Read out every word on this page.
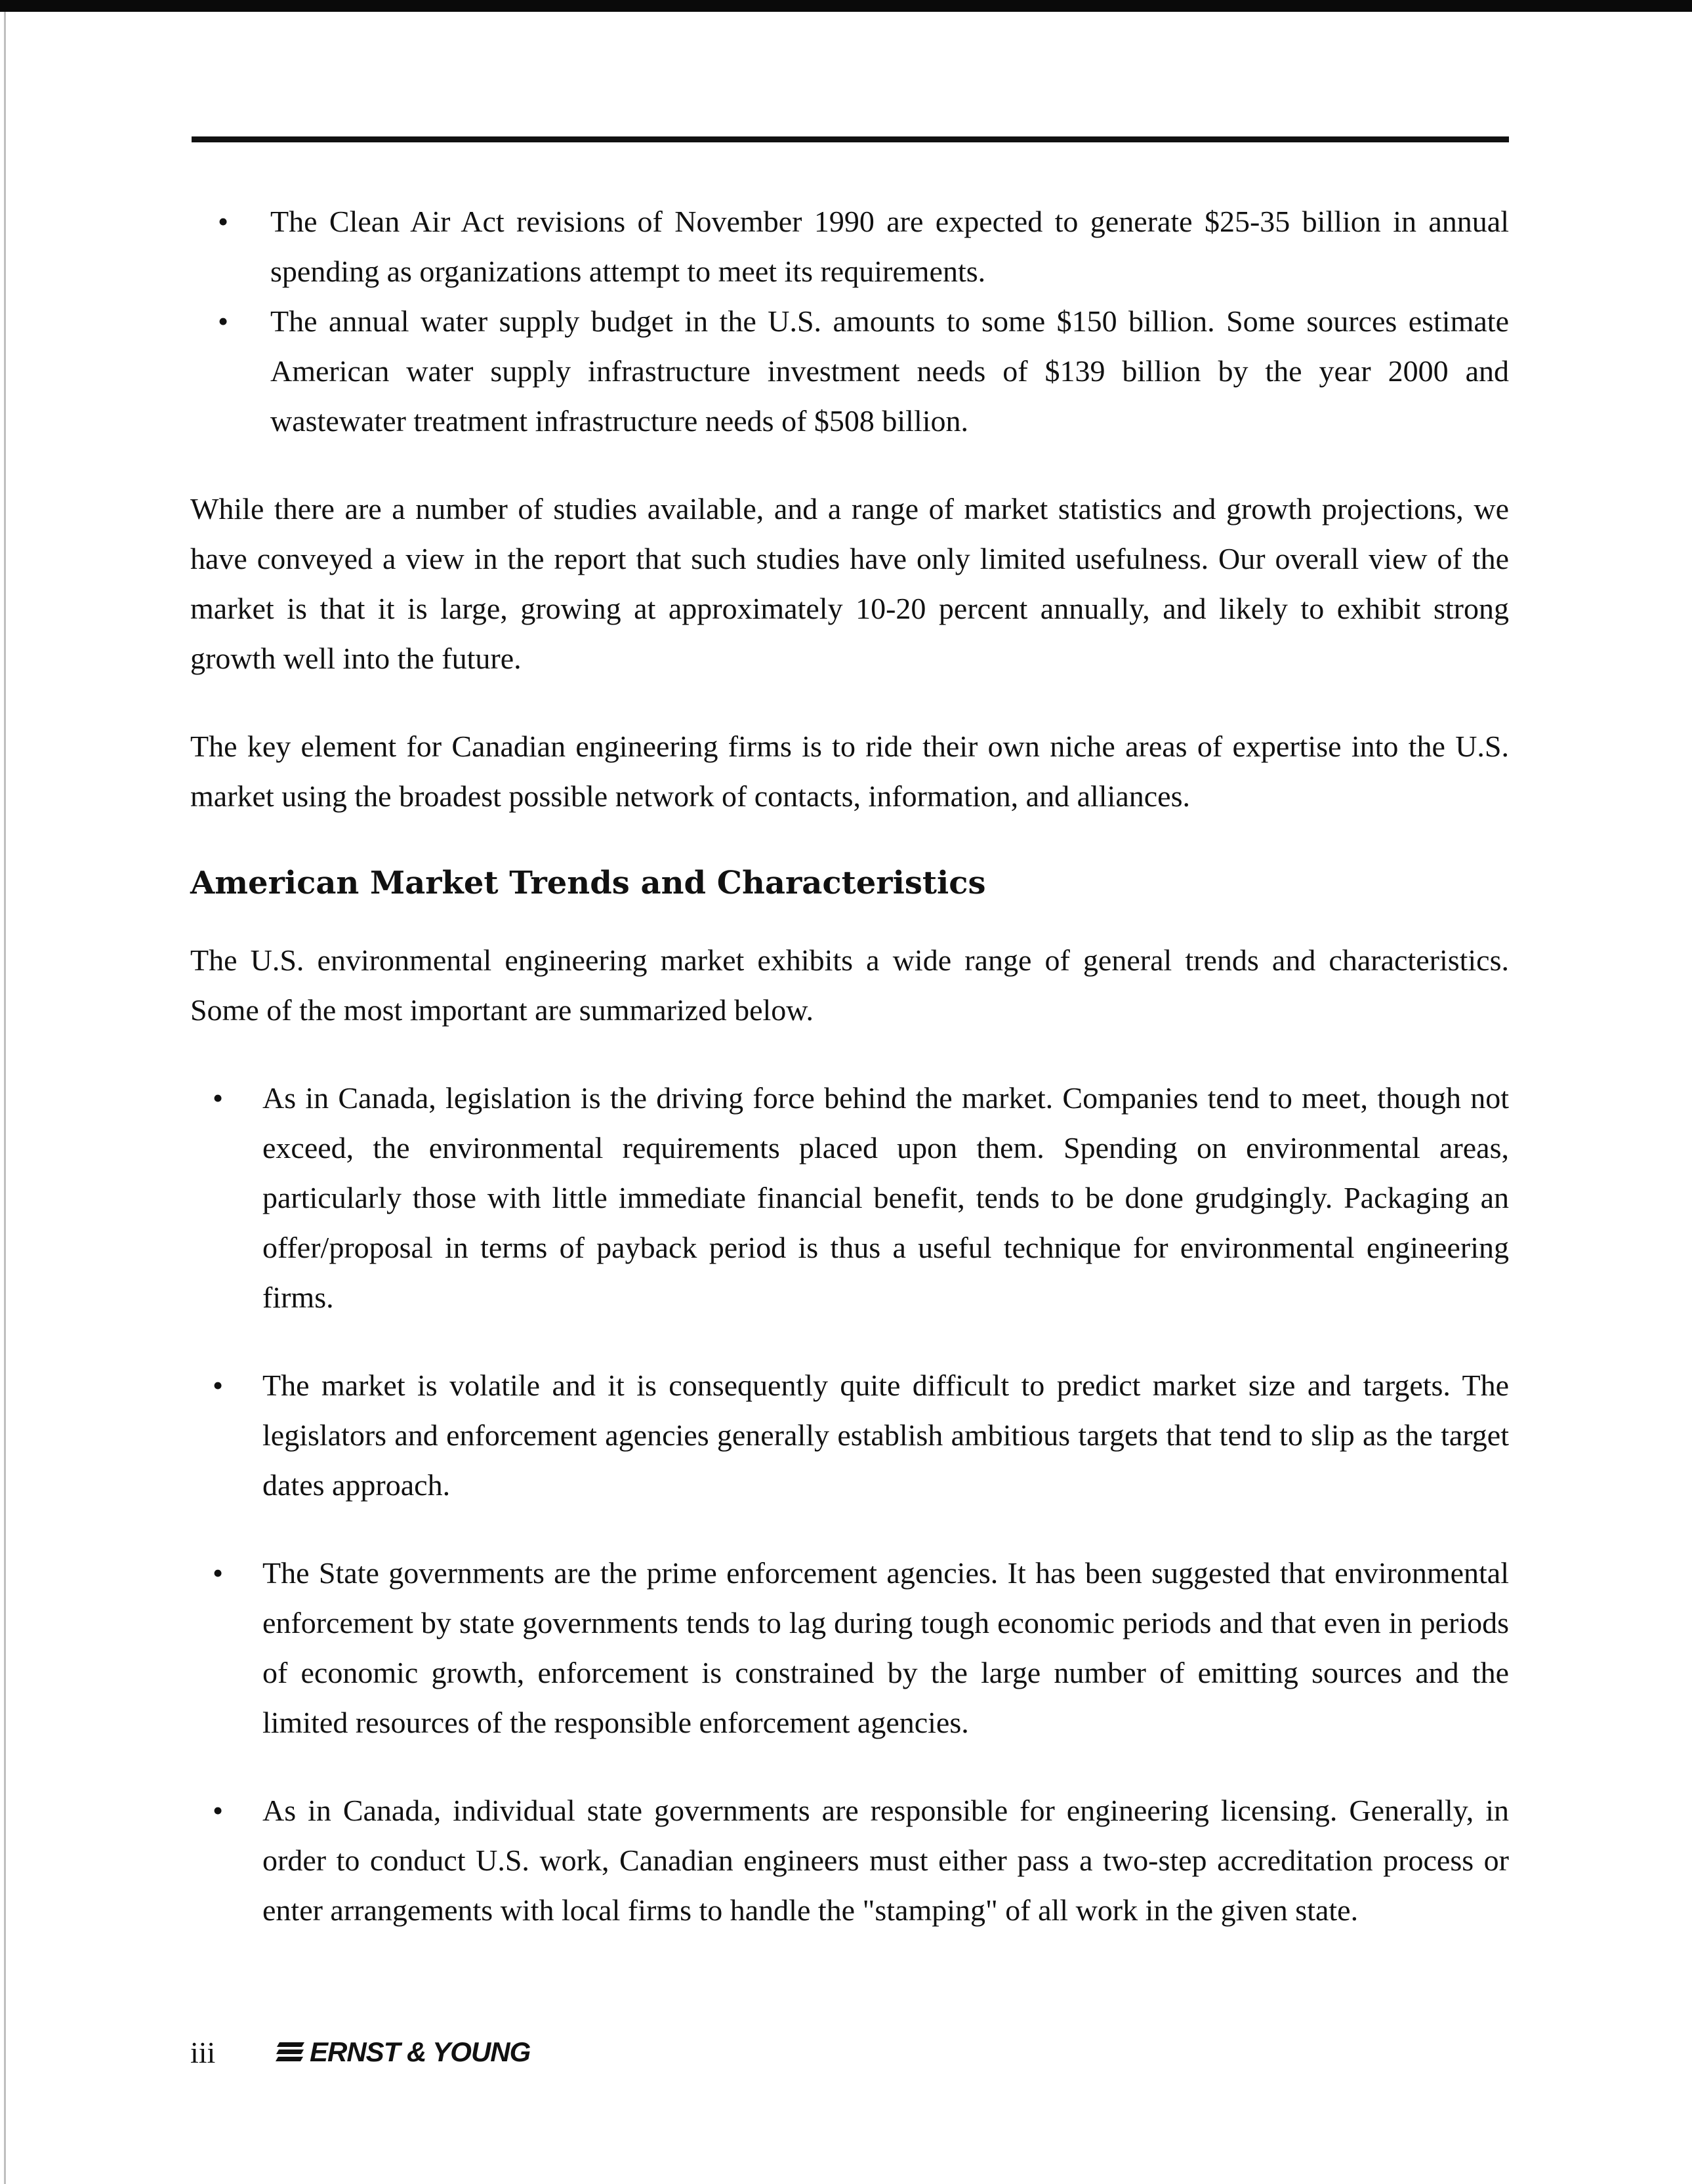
• The Clean Air Act revisions of November 1990 are expected to generate $25-35 billion in annual spending as organizations attempt to meet its requirements.
• The annual water supply budget in the U.S. amounts to some $150 billion. Some sources estimate American water supply infrastructure investment needs of $139 billion by the year 2000 and wastewater treatment infrastructure needs of $508 billion.

While there are a number of studies available, and a range of market statistics and growth projections, we have conveyed a view in the report that such studies have only limited usefulness. Our overall view of the market is that it is large, growing at approximately 10-20 percent annually, and likely to exhibit strong growth well into the future.

The key element for Canadian engineering firms is to ride their own niche areas of expertise into the U.S. market using the broadest possible network of contacts, information, and alliances.

American Market Trends and Characteristics

The U.S. environmental engineering market exhibits a wide range of general trends and characteristics. Some of the most important are summarized below.

• As in Canada, legislation is the driving force behind the market. Companies tend to meet, though not exceed, the environmental requirements placed upon them. Spending on environmental areas, particularly those with little immediate financial benefit, tends to be done grudgingly. Packaging an offer/proposal in terms of payback period is thus a useful technique for environmental engineering firms.
• The market is volatile and it is consequently quite difficult to predict market size and targets. The legislators and enforcement agencies generally establish ambitious targets that tend to slip as the target dates approach.
• The State governments are the prime enforcement agencies. It has been suggested that environmental enforcement by state governments tends to lag during tough economic periods and that even in periods of economic growth, enforcement is constrained by the large number of emitting sources and the limited resources of the responsible enforcement agencies.
• As in Canada, individual state governments are responsible for engineering licensing. Generally, in order to conduct U.S. work, Canadian engineers must either pass a two-step accreditation process or enter arrangements with local firms to handle the "stamping" of all work in the given state.
iii	ERNST & YOUNG
